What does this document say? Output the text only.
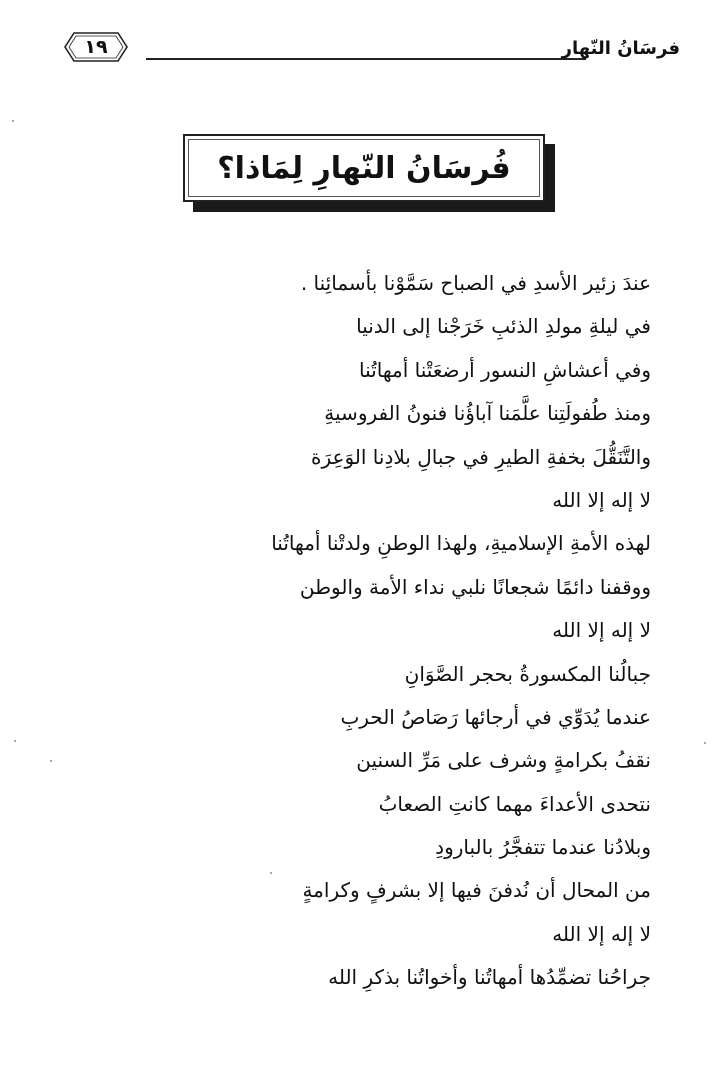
١٩	فرسَانُ النّهار
فُرسَانُ النّهارِ لِمَاذا؟
عندَ زئير الأسدِ في الصباح سَمَّوْنا بأسمائِنا .
في ليلةِ مولدِ الذئبِ خَرَجْنا إلى الدنيا
وفي أعشاشِ النسور أرضعَتْنا أمهاتُنا
ومنذ طُفولَتِنا علَّمَنا آباؤُنا فنونُ الفروسيةِ
والتَّنَقُّلَ بخفةِ الطيرِ في جبالِ بلادِنا الوَعِرَة
لا إله إلا الله
لهذه الأمةِ الإسلاميةِ، ولهذا الوطنِ ولدتْنا أمهاتُنا
ووقفنا دائمًا شجعانًا نلبي نداء الأمة والوطن
لا إله إلا الله
جبالُنا المكسورةُ بحجر الصَّوَانِ
عندما يُدَوِّي في أرجائها رَصَاصُ الحربِ
نقفُ بكرامةٍ وشرف على مَرِّ السنين
نتحدى الأعداءَ مهما كانتِ الصعابُ
وبلادُنا عندما تتفجَّرُ بالبارودِ
من المحال أن نُدفنَ فيها إلا بشرفٍ وكرامةٍ
لا إله إلا الله
جراحُنا تضمِّدُها أمهاتُنا وأخواتُنا بذكرِ الله
